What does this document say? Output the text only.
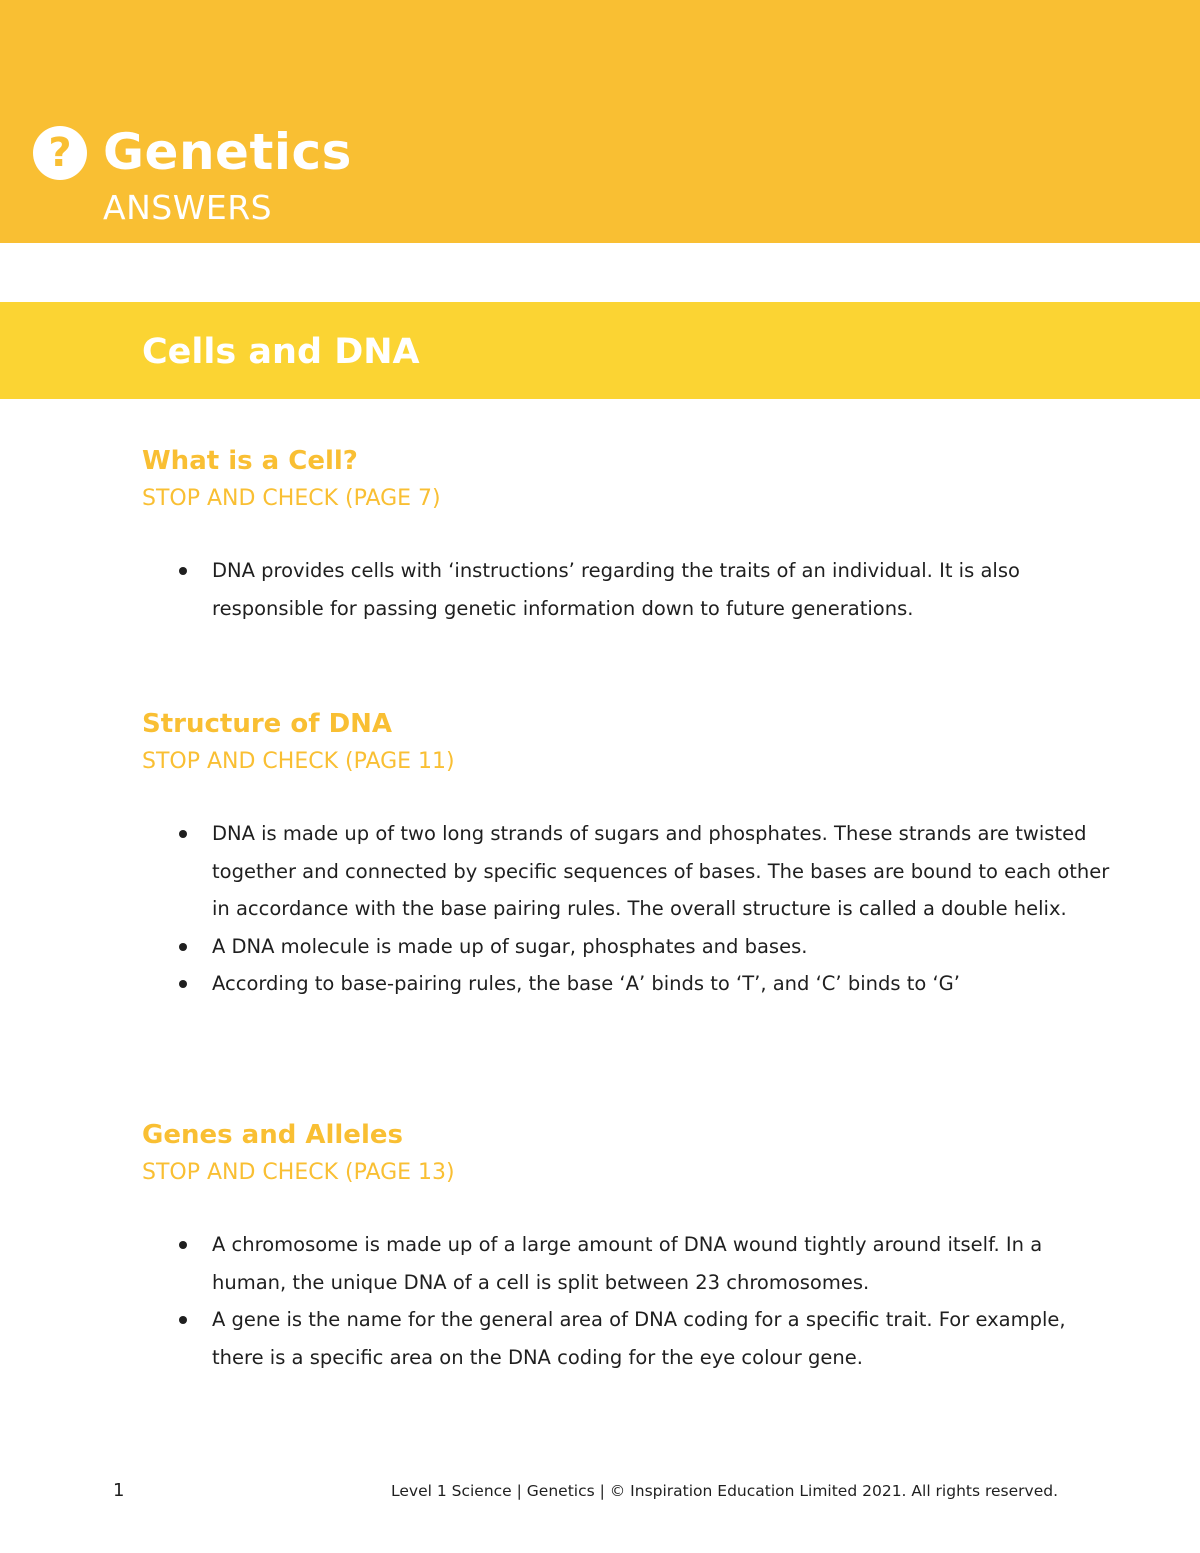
? Genetics
ANSWERS
Cells and DNA
What is a Cell?
STOP AND CHECK (PAGE 7)
DNA provides cells with ‘instructions’ regarding the traits of an individual. It is also responsible for passing genetic information down to future generations.
Structure of DNA
STOP AND CHECK (PAGE 11)
DNA is made up of two long strands of sugars and phosphates. These strands are twisted together and connected by specific sequences of bases. The bases are bound to each other in accordance with the base pairing rules. The overall structure is called a double helix.
A DNA molecule is made up of sugar, phosphates and bases.
According to base-pairing rules, the base ‘A’ binds to ‘T’, and ‘C’ binds to ‘G’
Genes and Alleles
STOP AND CHECK (PAGE 13)
A chromosome is made up of a large amount of DNA wound tightly around itself. In a human, the unique DNA of a cell is split between 23 chromosomes.
A gene is the name for the general area of DNA coding for a specific trait. For example, there is a specific area on the DNA coding for the eye colour gene.
1	Level 1 Science | Genetics | © Inspiration Education Limited 2021. All rights reserved.
